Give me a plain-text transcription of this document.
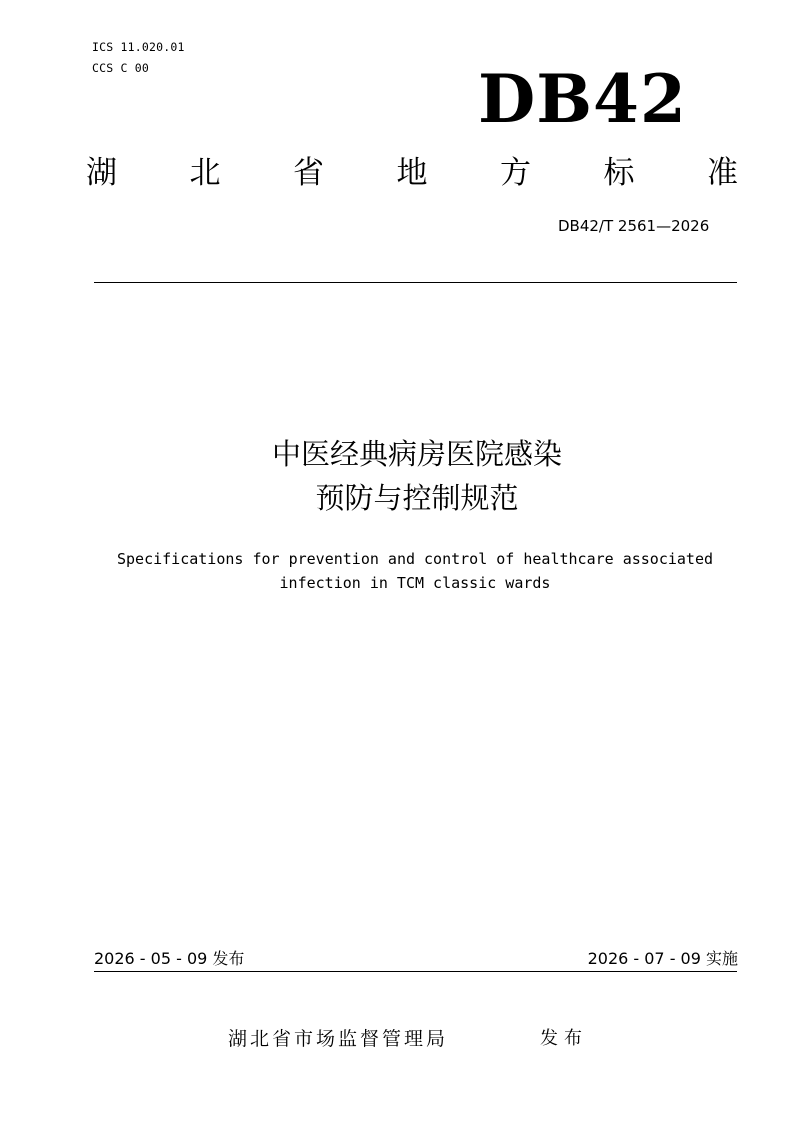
ICS 11.020.01
CCS C 00	DB42
湖 北 省 地 方 标 准
DB42/T 2561—2026
中医经典病房医院感染
预防与控制规范
Specifications for prevention and control of healthcare associated
infection in TCM classic wards
2026 - 05 - 09 发布	2026 - 07 - 09 实施
湖北省市场监督管理局	发布
